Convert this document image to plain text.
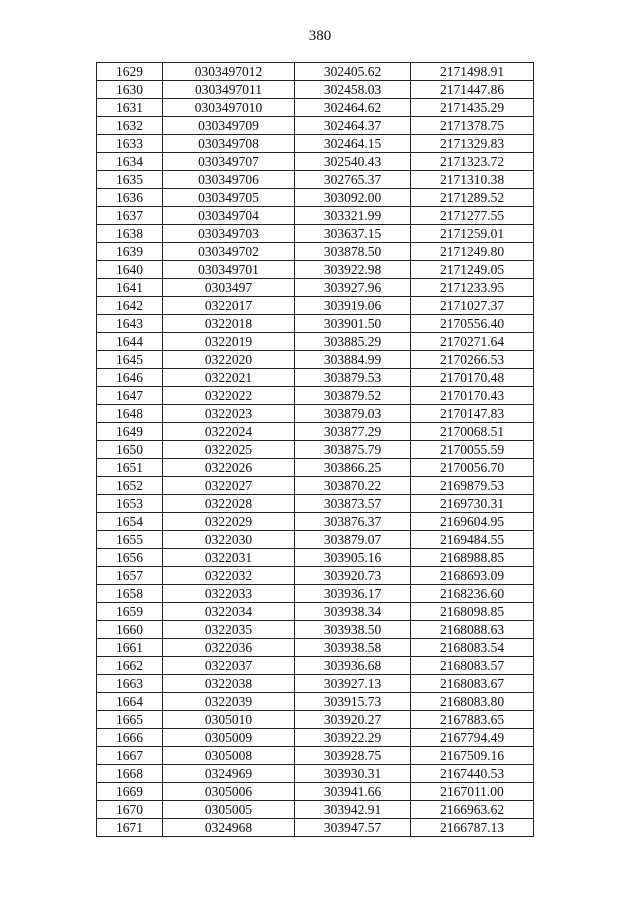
380
1629	0303497012	302405.62	2171498.91
1630	0303497011	302458.03	2171447.86
1631	0303497010	302464.62	2171435.29
1632	030349709	302464.37	2171378.75
1633	030349708	302464.15	2171329.83
1634	030349707	302540.43	2171323.72
1635	030349706	302765.37	2171310.38
1636	030349705	303092.00	2171289.52
1637	030349704	303321.99	2171277.55
1638	030349703	303637.15	2171259.01
1639	030349702	303878.50	2171249.80
1640	030349701	303922.98	2171249.05
1641	0303497	303927.96	2171233.95
1642	0322017	303919.06	2171027.37
1643	0322018	303901.50	2170556.40
1644	0322019	303885.29	2170271.64
1645	0322020	303884.99	2170266.53
1646	0322021	303879.53	2170170.48
1647	0322022	303879.52	2170170.43
1648	0322023	303879.03	2170147.83
1649	0322024	303877.29	2170068.51
1650	0322025	303875.79	2170055.59
1651	0322026	303866.25	2170056.70
1652	0322027	303870.22	2169879.53
1653	0322028	303873.57	2169730.31
1654	0322029	303876.37	2169604.95
1655	0322030	303879.07	2169484.55
1656	0322031	303905.16	2168988.85
1657	0322032	303920.73	2168693.09
1658	0322033	303936.17	2168236.60
1659	0322034	303938.34	2168098.85
1660	0322035	303938.50	2168088.63
1661	0322036	303938.58	2168083.54
1662	0322037	303936.68	2168083.57
1663	0322038	303927.13	2168083.67
1664	0322039	303915.73	2168083.80
1665	0305010	303920.27	2167883.65
1666	0305009	303922.29	2167794.49
1667	0305008	303928.75	2167509.16
1668	0324969	303930.31	2167440.53
1669	0305006	303941.66	2167011.00
1670	0305005	303942.91	2166963.62
1671	0324968	303947.57	2166787.13
